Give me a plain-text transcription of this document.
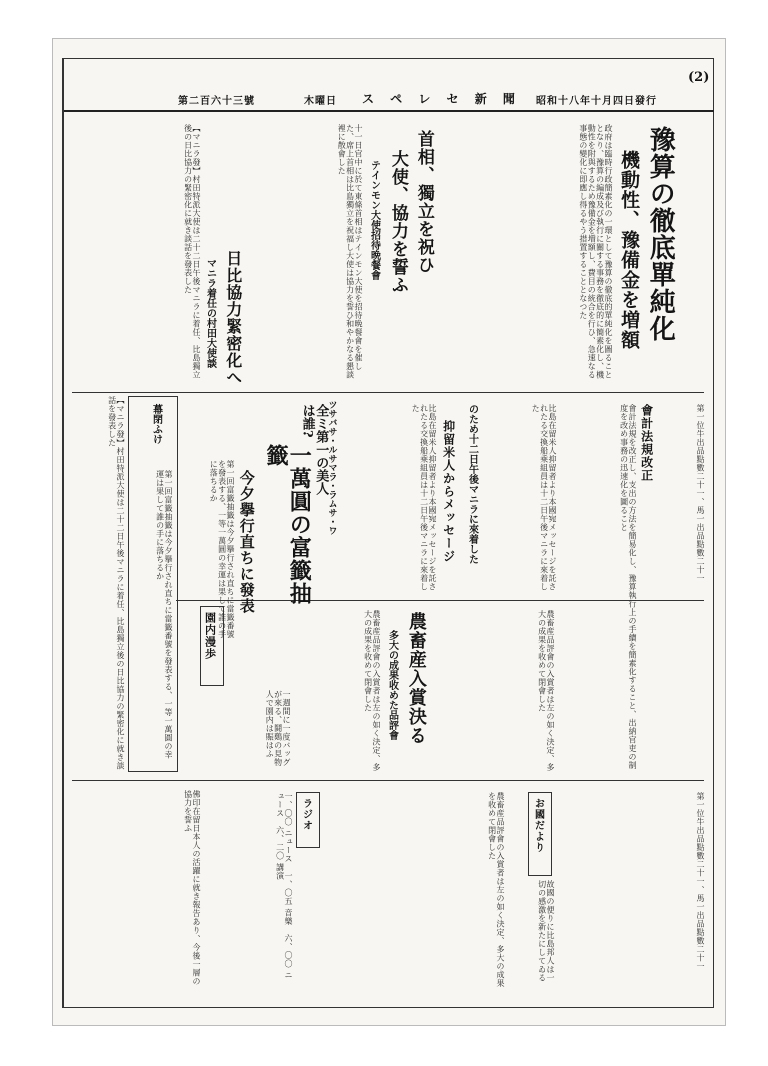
(2)
第二百六十三號	木曜日 ス ペ レ セ 新 聞 昭和十八年十月四日發行
豫算の徹底單純化
機動性、豫備金を増額
政府は臨時行政簡素化の一環として豫算の徹底的單純化を圖ることとなり、豫算の編成及び執行に關する事務を徹底的に簡素化し、機動性を附與するため豫備金を増額し、費目の統合を行ひ、急速なる事態の變化に即應し得るやう措置することとなつた
首相、獨立を祝ひ
大使、協力を誓ふ
テインモン大使招待晩餐會
十一日官中に於て東條首相はテインモン大使を招待晩餐會を催した、席上首相は比島獨立を祝福し大使は協力を誓ひ和やかなる懇談裡に散會した
日比協力緊密化へ
マニラ着任の村田大使談
【マニラ發】村田特派大使は二十二日午後マニラに着任、比島獨立後の日比協力の緊密化に就き談話を發表した
第一位牛出品點數二十一、馬一出品點數二十一
會計法規改正
會計法規を改正し、支出の方法を簡易化し、豫算執行上の手續を簡素化すること、出納官吏の制度を改め事務の迅速化を圖ること
農畜産入賞決る
多大の成果收めた品評會	農畜産品評會の入賞者は左の如く決定、多大の成果を收めて閉會した
農畜産品評會の入賞者は左の如く決定、多大の成果を收めて閉會した
のため十二日午後マニラに來着した
抑留米人からメッセージ
比島在留米人抑留者より本國宛メッセージを託されたる交換船乘組員は十二日午後マニラに來着した	比島在留米人抑留者より本國宛メッセージを託されたる交換船乘組員は十二日午後マニラに來着した
ツサバサ・ルサマラ・ラムサ・ワ
全ミ第一の美人は誰?
一萬圓の富籤抽籤
今夕擧行直ちに發表
第一回富籤抽籤は今夕擧行され直ちに當籤番號を發表する、一等一萬圓の幸運は果して誰の手に落ちるか
幕閉ふけ
第一回富籤抽籤は今夕擧行され直ちに當籤番號を發表する、一等一萬圓の幸運は果して誰の手に落ちるか
【マニラ發】村田特派大使は二十二日午後マニラに着任、比島獨立後の日比協力の緊密化に就き談話を發表した
園内漫歩
一週間に一度バッグが來る、鬪鷄の見物人で園内は賑はふ
佛印在留日本人の活躍に就き報告あり、今後一層の協力を誓ふ	ラジオ
一、〇〇 ニュース　一、〇五 音樂　六、〇〇 ニュース　六、二〇 講演	農畜産品評會の入賞者は左の如く決定、多大の成果を收めて閉會した	お國だより
故國の便りに比島邦人は一切の感激を新たにしてゐる	第一位牛出品點數二十一、馬一出品點數二十一
